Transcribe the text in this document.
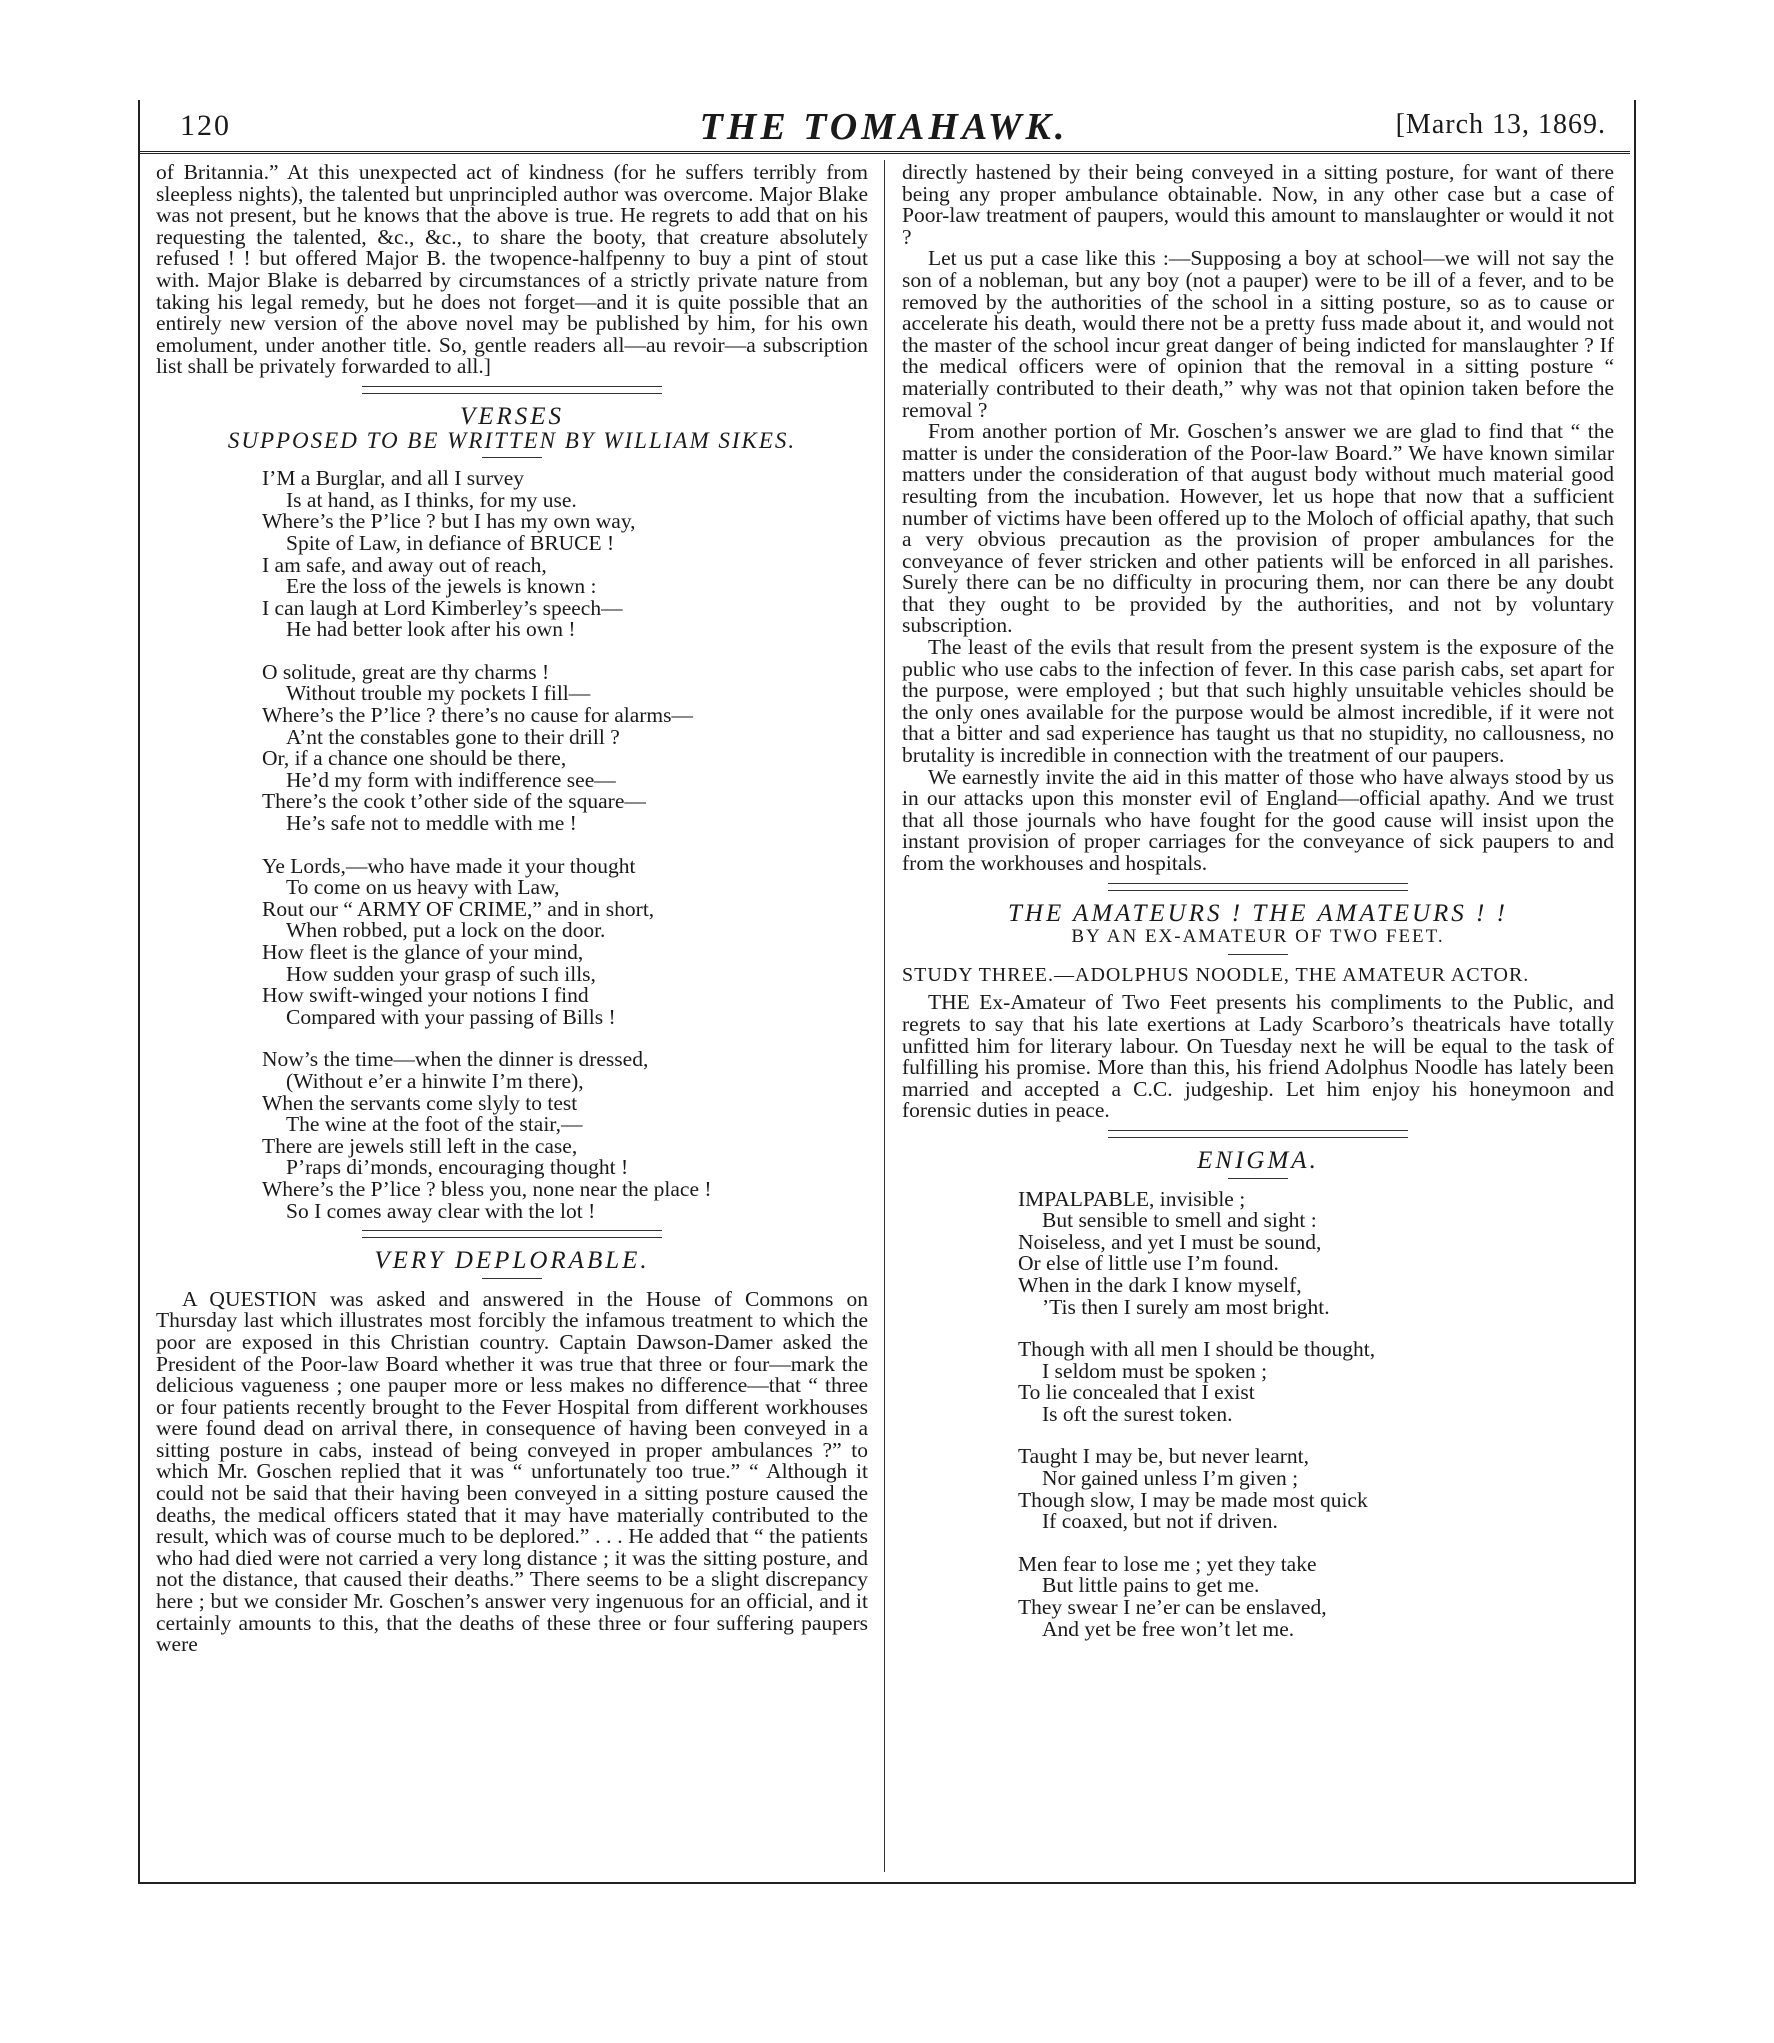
120	THE TOMAHAWK.	[March 13, 1869.

of Britannia.” At this unexpected act of kindness (for he suffers terribly from sleepless nights), the talented but unprincipled author was overcome. Major Blake was not present, but he knows that the above is true. He regrets to add that on his requesting the talented, &c., &c., to share the booty, that creature absolutely refused ! ! but offered Major B. the twopence-halfpenny to buy a pint of stout with. Major Blake is debarred by circumstances of a strictly private nature from taking his legal remedy, but he does not forget—and it is quite possible that an entirely new version of the above novel may be published by him, for his own emolument, under another title. So, gentle readers all—au revoir—a subscription list shall be privately forwarded to all.]

VERSES
SUPPOSED TO BE WRITTEN BY WILLIAM SIKES.
I’M a Burglar, and all I survey
Is at hand, as I thinks, for my use.
Where’s the P’lice ? but I has my own way,
Spite of Law, in defiance of BRUCE !
I am safe, and away out of reach,
Ere the loss of the jewels is known :
I can laugh at Lord Kimberley’s speech—
He had better look after his own !
O solitude, great are thy charms !
Without trouble my pockets I fill—
Where’s the P’lice ? there’s no cause for alarms—
A’nt the constables gone to their drill ?
Or, if a chance one should be there,
He’d my form with indifference see—
There’s the cook t’other side of the square—
He’s safe not to meddle with me !
Ye Lords,—who have made it your thought
To come on us heavy with Law,
Rout our “ ARMY OF CRIME,” and in short,
When robbed, put a lock on the door.
How fleet is the glance of your mind,
How sudden your grasp of such ills,
How swift-winged your notions I find
Compared with your passing of Bills !
Now’s the time—when the dinner is dressed,
(Without e’er a hinwite I’m there),
When the servants come slyly to test
The wine at the foot of the stair,—
There are jewels still left in the case,
P’raps di’monds, encouraging thought !
Where’s the P’lice ? bless you, none near the place !
So I comes away clear with the lot !
VERY DEPLORABLE.

A QUESTION was asked and answered in the House of Commons on Thursday last which illustrates most forcibly the infamous treatment to which the poor are exposed in this Christian country. Captain Dawson-Damer asked the President of the Poor-law Board whether it was true that three or four—mark the delicious vagueness ; one pauper more or less makes no difference—that “ three or four patients recently brought to the Fever Hospital from different workhouses were found dead on arrival there, in consequence of having been conveyed in a sitting posture in cabs, instead of being conveyed in proper ambulances ?” to which Mr. Goschen replied that it was “ unfortunately too true.” “ Although it could not be said that their having been conveyed in a sitting posture caused the deaths, the medical officers stated that it may have materially contributed to the result, which was of course much to be deplored.” . . . He added that “ the patients who had died were not carried a very long distance ; it was the sitting posture, and not the distance, that caused their deaths.” There seems to be a slight discrepancy here ; but we consider Mr. Goschen’s answer very ingenuous for an official, and it certainly amounts to this, that the deaths of these three or four suffering paupers were

directly hastened by their being conveyed in a sitting posture, for want of there being any proper ambulance obtainable. Now, in any other case but a case of Poor-law treatment of paupers, would this amount to manslaughter or would it not ?

Let us put a case like this :—Supposing a boy at school—we will not say the son of a nobleman, but any boy (not a pauper) were to be ill of a fever, and to be removed by the authorities of the school in a sitting posture, so as to cause or accelerate his death, would there not be a pretty fuss made about it, and would not the master of the school incur great danger of being indicted for manslaughter ? If the medical officers were of opinion that the removal in a sitting posture “ materially contributed to their death,” why was not that opinion taken before the removal ?

From another portion of Mr. Goschen’s answer we are glad to find that “ the matter is under the consideration of the Poor-law Board.” We have known similar matters under the consideration of that august body without much material good resulting from the incubation. However, let us hope that now that a sufficient number of victims have been offered up to the Moloch of official apathy, that such a very obvious precaution as the provision of proper ambulances for the conveyance of fever stricken and other patients will be enforced in all parishes. Surely there can be no difficulty in procuring them, nor can there be any doubt that they ought to be provided by the authorities, and not by voluntary subscription.

The least of the evils that result from the present system is the exposure of the public who use cabs to the infection of fever. In this case parish cabs, set apart for the purpose, were employed ; but that such highly unsuitable vehicles should be the only ones available for the purpose would be almost incredible, if it were not that a bitter and sad experience has taught us that no stupidity, no callousness, no brutality is incredible in connection with the treatment of our paupers.

We earnestly invite the aid in this matter of those who have always stood by us in our attacks upon this monster evil of England—official apathy. And we trust that all those journals who have fought for the good cause will insist upon the instant provision of proper carriages for the conveyance of sick paupers to and from the workhouses and hospitals.

THE AMATEURS ! THE AMATEURS ! !
BY AN EX-AMATEUR OF TWO FEET.
STUDY THREE.—ADOLPHUS NOODLE, THE AMATEUR ACTOR.

THE Ex-Amateur of Two Feet presents his compliments to the Public, and regrets to say that his late exertions at Lady Scarboro’s theatricals have totally unfitted him for literary labour. On Tuesday next he will be equal to the task of fulfilling his promise. More than this, his friend Adolphus Noodle has lately been married and accepted a C.C. judgeship. Let him enjoy his honeymoon and forensic duties in peace.

ENIGMA.
IMPALPABLE, invisible ;
But sensible to smell and sight :
Noiseless, and yet I must be sound,
Or else of little use I’m found.
When in the dark I know myself,
’Tis then I surely am most bright.
Though with all men I should be thought,
I seldom must be spoken ;
To lie concealed that I exist
Is oft the surest token.
Taught I may be, but never learnt,
Nor gained unless I’m given ;
Though slow, I may be made most quick
If coaxed, but not if driven.
Men fear to lose me ; yet they take
But little pains to get me.
They swear I ne’er can be enslaved,
And yet be free won’t let me.
